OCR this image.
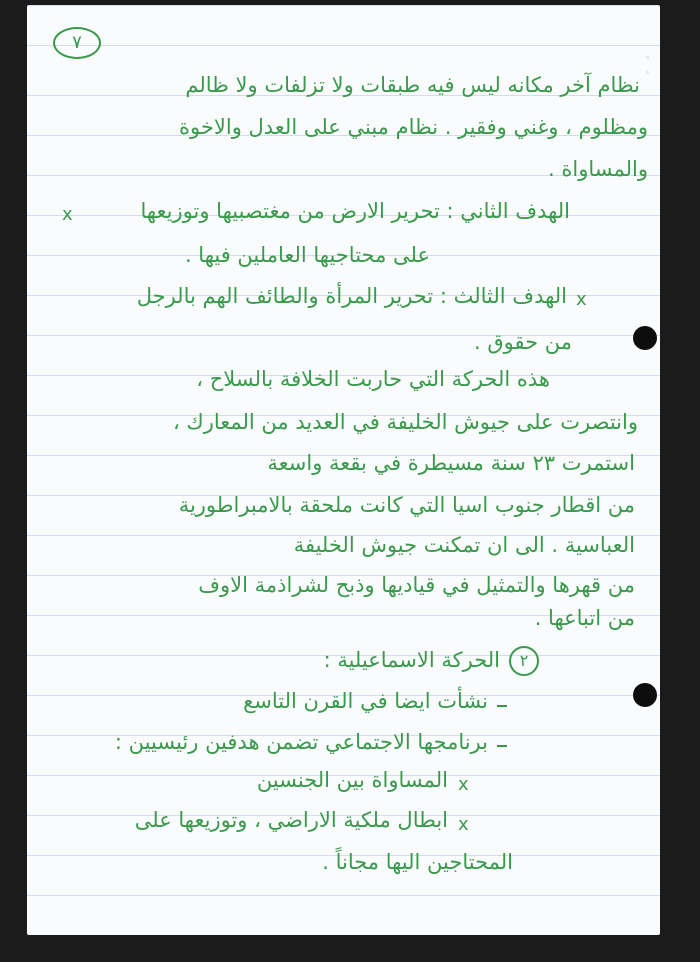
٧
نظام آخر مكانه ليس فيه طبقات ولا تزلفات ولا ظالم
ومظلوم ، وغني وفقير . نظام مبني على العدل والاخوة
والمساواة .
x	الهدف الثاني : تحرير الارض من مغتصبيها وتوزيعها
على محتاجيها العاملين فيها .
x
الهدف الثالث : تحرير المرأة والطائف الهم بالرجل
من حقوق .
هذه الحركة التي حاربت الخلافة بالسلاح ،
وانتصرت على جيوش الخليفة في العديد من المعارك ،
استمرت ٢٣ سنة مسيطرة في بقعة واسعة
من اقطار جنوب اسيا التي كانت ملحقة بالامبراطورية
العباسية . الى ان تمكنت جيوش الخليفة
من قهرها والتمثيل في قياديها وذبح لشراذمة الاوف
من اتباعها .
٢
الحركة الاسماعيلية :
نشأت ايضا في القرن التاسع
برنامجها الاجتماعي تضمن هدفين رئيسيين :
x
المساواة بين الجنسين
x
ابطال ملكية الاراضي ، وتوزيعها على
المحتاجين اليها مجاناً .
